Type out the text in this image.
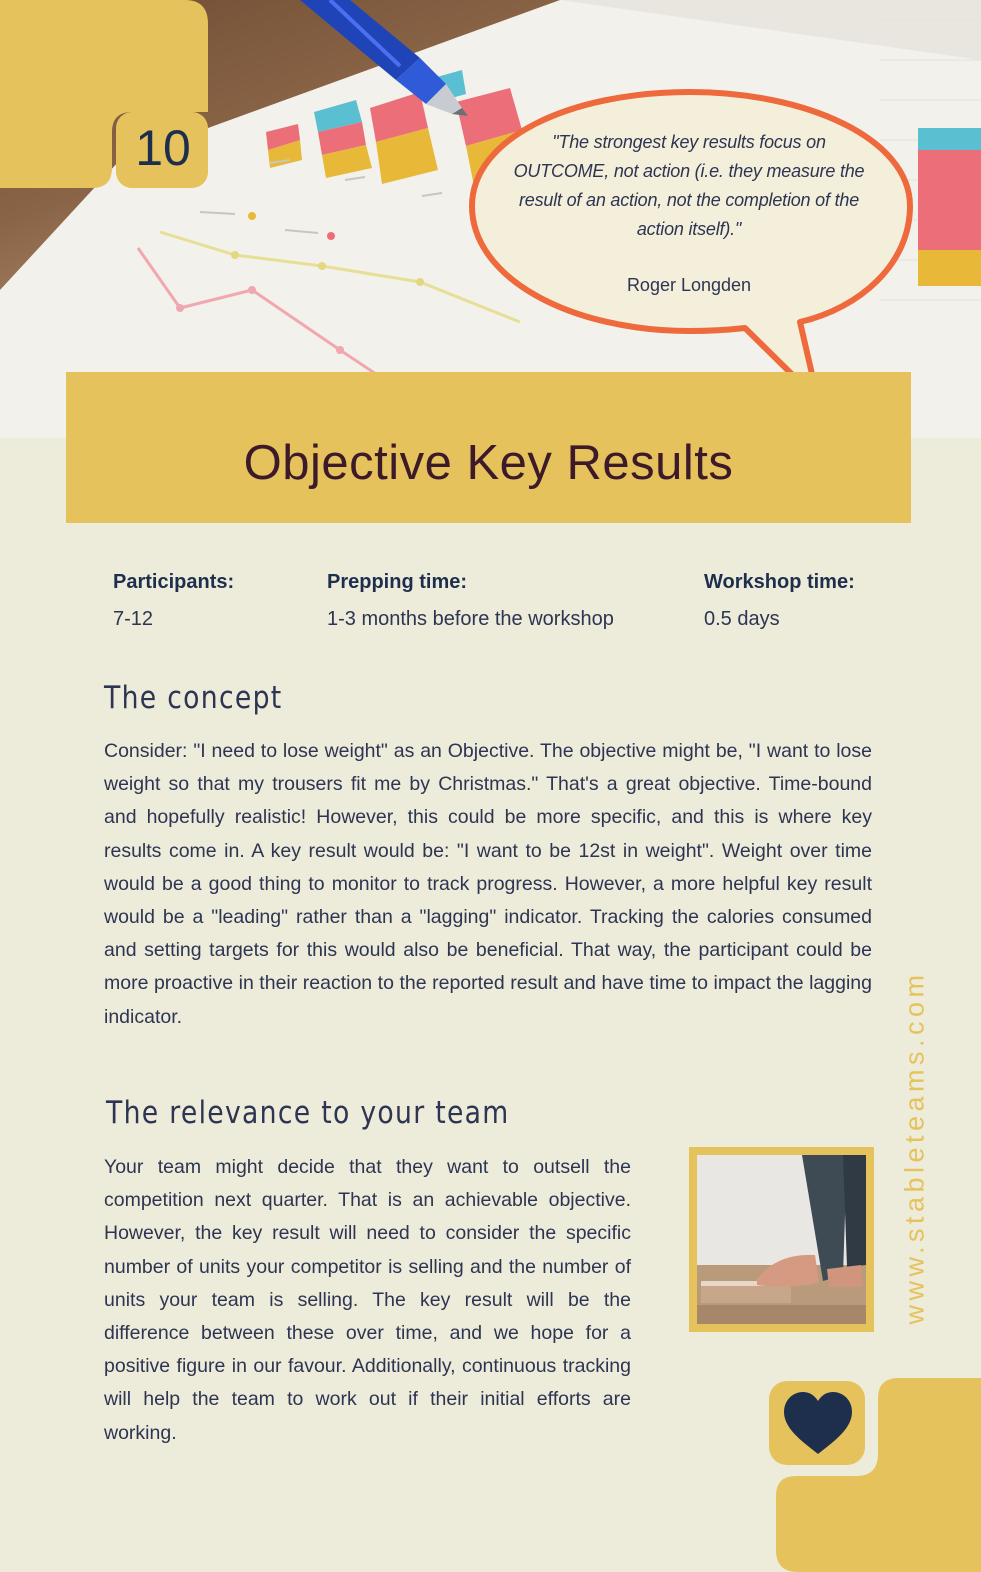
10	"The strongest key results focus on OUTCOME, not action (i.e. they measure the result of an action, not the completion of the action itself)."
Roger Longden
Objective Key Results
Participants:
7-12
Prepping time:
1-3 months before the workshop
Workshop time:
0.5 days
The concept

Consider: "I need to lose weight" as an Objective. The objective might be, "I want to lose weight so that my trousers fit me by Christmas." That's a great objective. Time-bound and hopefully realistic! However, this could be more specific, and this is where key results come in. A key result would be: "I want to be 12st in weight". Weight over time would be a good thing to monitor to track progress. However, a more helpful key result would be a "leading" rather than a "lagging" indicator. Tracking the calories consumed and setting targets for this would also be beneficial. That way, the participant could be more proactive in their reaction to the reported result and have time to impact the lagging indicator.

The relevance to your team

Your team might decide that they want to outsell the competition next quarter. That is an achievable objective. However, the key result will need to consider the specific number of units your competitor is selling and the number of units your team is selling. The key result will be the difference between these over time, and we hope for a positive figure in our favour. Additionally, continuous tracking will help the team to work out if their initial efforts are working.

www.stableteams.com
